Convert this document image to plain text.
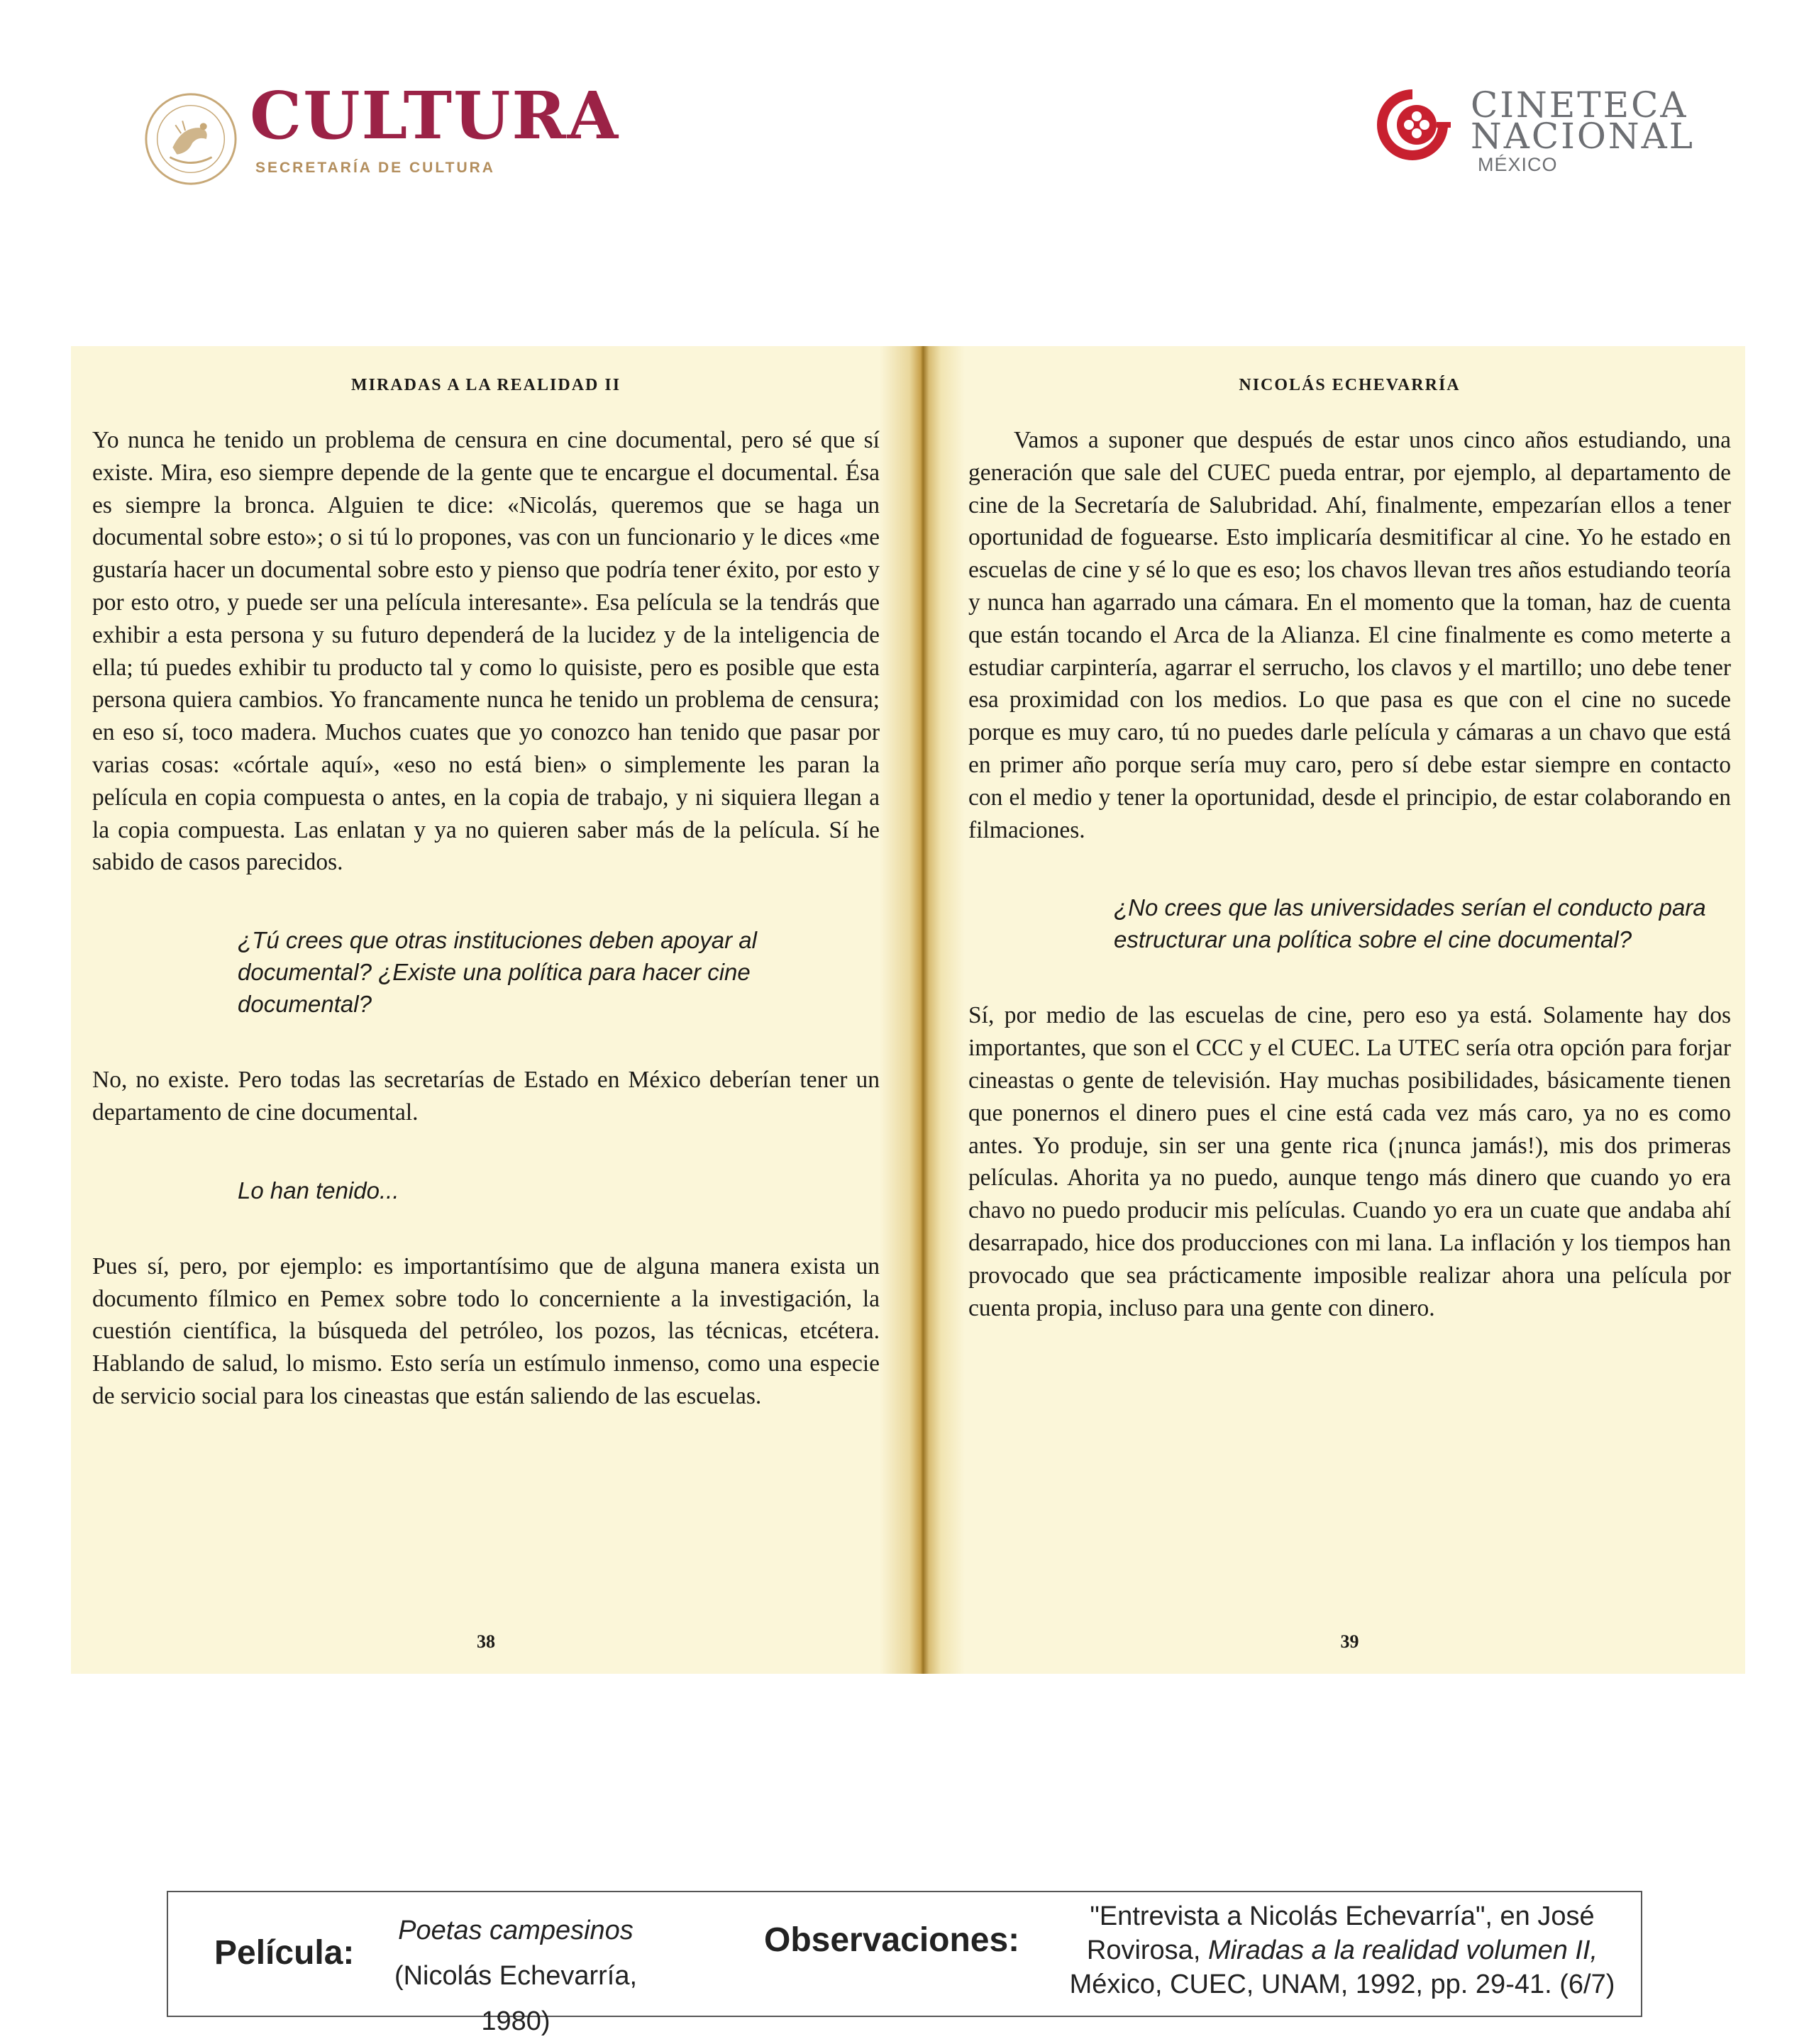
CULTURA
SECRETARÍA DE CULTURA
CINETECA
NACIONAL
MÉXICO
MIRADAS A LA REALIDAD II

Yo nunca he tenido un problema de censura en cine documental, pero sé que sí existe. Mira, eso siempre depende de la gente que te encargue el documental. Ésa es siempre la bronca. Alguien te dice: «Nicolás, queremos que se haga un documental sobre esto»; o si tú lo propones, vas con un funcionario y le dices «me gustaría hacer un documental sobre esto y pienso que podría tener éxito, por esto y por esto otro, y puede ser una película interesante». Esa película se la tendrás que exhibir a esta persona y su futuro dependerá de la lucidez y de la inteligencia de ella; tú puedes exhibir tu producto tal y como lo quisiste, pero es posible que esta persona quiera cambios. Yo francamente nunca he tenido un problema de censura; en eso sí, toco madera. Muchos cuates que yo conozco han tenido que pasar por varias cosas: «córtale aquí», «eso no está bien» o simplemente les paran la película en copia compuesta o antes, en la copia de trabajo, y ni siquiera llegan a la copia compuesta. Las enlatan y ya no quieren saber más de la película. Sí he sabido de casos parecidos.

¿Tú crees que otras instituciones deben apoyar al documental? ¿Existe una política para hacer cine documental?

No, no existe. Pero todas las secretarías de Estado en México deberían tener un departamento de cine documental.

Lo han tenido...

Pues sí, pero, por ejemplo: es importantísimo que de alguna manera exista un documento fílmico en Pemex sobre todo lo concerniente a la investigación, la cuestión científica, la búsqueda del petróleo, los pozos, las técnicas, etcétera. Hablando de salud, lo mismo. Esto sería un estímulo inmenso, como una especie de servicio social para los cineastas que están saliendo de las escuelas.

38
NICOLÁS ECHEVARRÍA

Vamos a suponer que después de estar unos cinco años estudiando, una generación que sale del CUEC pueda entrar, por ejemplo, al departamento de cine de la Secretaría de Salubridad. Ahí, finalmente, empezarían ellos a tener oportunidad de foguearse. Esto implicaría desmitificar al cine. Yo he estado en escuelas de cine y sé lo que es eso; los chavos llevan tres años estudiando teoría y nunca han agarrado una cámara. En el momento que la toman, haz de cuenta que están tocando el Arca de la Alianza. El cine finalmente es como meterte a estudiar carpintería, agarrar el serrucho, los clavos y el martillo; uno debe tener esa proximidad con los medios. Lo que pasa es que con el cine no sucede porque es muy caro, tú no puedes darle película y cámaras a un chavo que está en primer año porque sería muy caro, pero sí debe estar siempre en contacto con el medio y tener la oportunidad, desde el principio, de estar colaborando en filmaciones.

¿No crees que las universidades serían el conducto para estructurar una política sobre el cine documental?

Sí, por medio de las escuelas de cine, pero eso ya está. Solamente hay dos importantes, que son el CCC y el CUEC. La UTEC sería otra opción para forjar cineastas o gente de televisión. Hay muchas posibilidades, básicamente tienen que ponernos el dinero pues el cine está cada vez más caro, ya no es como antes. Yo produje, sin ser una gente rica (¡nunca jamás!), mis dos primeras películas. Ahorita ya no puedo, aunque tengo más dinero que cuando yo era chavo no puedo producir mis películas. Cuando yo era un cuate que andaba ahí desarrapado, hice dos producciones con mi lana. La inflación y los tiempos han provocado que sea prácticamente imposible realizar ahora una película por cuenta propia, incluso para una gente con dinero.

39
Película:
Poetas campesinos (Nicolás Echevarría, 1980)
Observaciones:
"Entrevista a Nicolás Echevarría", en José Rovirosa, Miradas a la realidad volumen II, México, CUEC, UNAM, 1992, pp. 29-41. (6/7)
